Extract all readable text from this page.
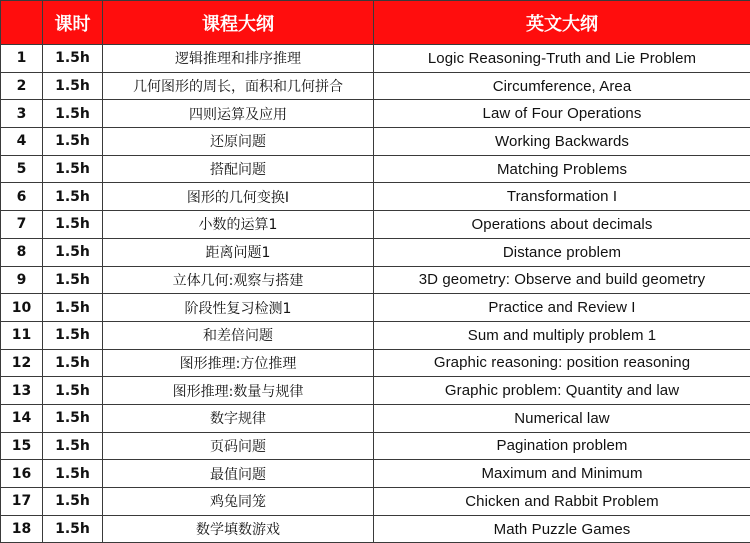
	课时	课程大纲	英文大纲
1	1.5h	逻辑推理和排序推理	Logic Reasoning-Truth and Lie Problem
2	1.5h	几何图形的周长，面积和几何拼合	Circumference, Area
3	1.5h	四则运算及应用	Law of Four Operations
4	1.5h	还原问题	Working Backwards
5	1.5h	搭配问题	Matching Problems
6	1.5h	图形的几何变换I	Transformation I
7	1.5h	小数的运算1	Operations about decimals
8	1.5h	距离问题1	Distance problem
9	1.5h	立体几何:观察与搭建	3D geometry: Observe and build geometry
10	1.5h	阶段性复习检测1	Practice and Review I
11	1.5h	和差倍问题	Sum and multiply problem 1
12	1.5h	图形推理:方位推理	Graphic reasoning: position reasoning
13	1.5h	图形推理:数量与规律	Graphic problem: Quantity and law
14	1.5h	数字规律	Numerical law
15	1.5h	页码问题	Pagination problem
16	1.5h	最值问题	Maximum and Minimum
17	1.5h	鸡兔同笼	Chicken and Rabbit Problem
18	1.5h	数学填数游戏	Math Puzzle Games
